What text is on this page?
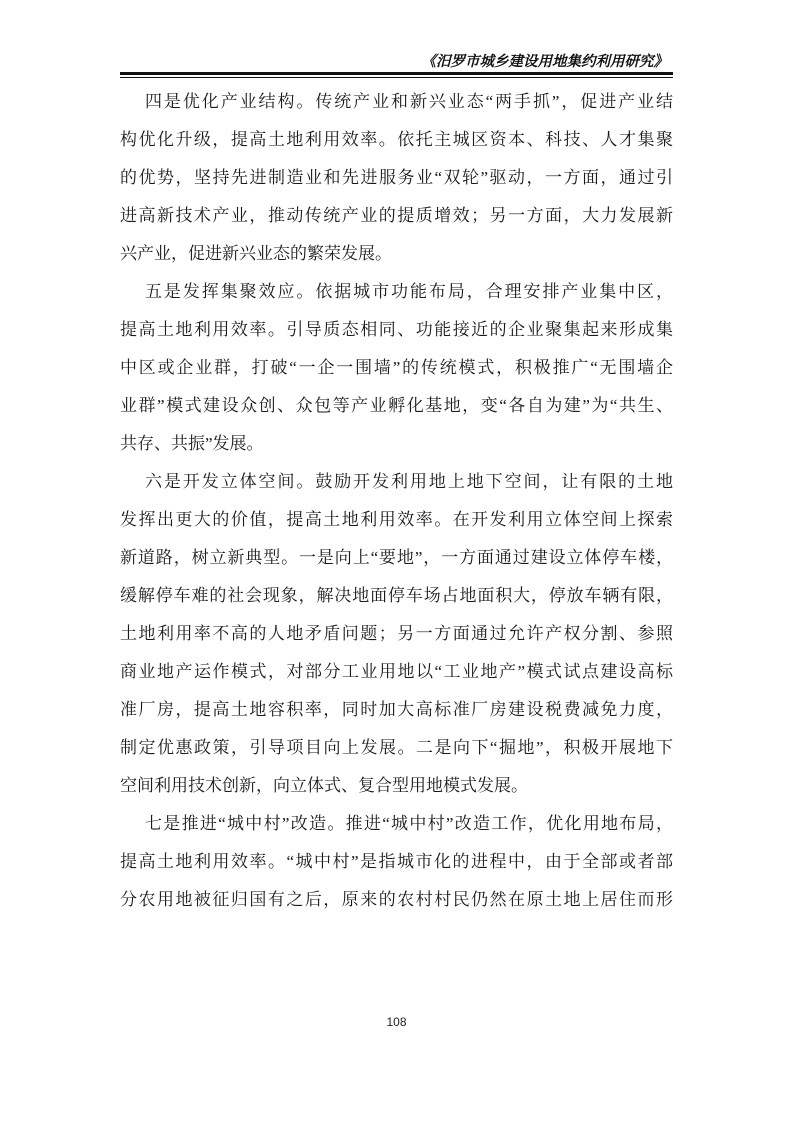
《汨罗市城乡建设用地集约利用研究》
四是优化产业结构。传统产业和新兴业态“两手抓”，促进产业结
构优化升级，提高土地利用效率。依托主城区资本、科技、人才集聚
的优势，坚持先进制造业和先进服务业“双轮”驱动，一方面，通过引
进高新技术产业，推动传统产业的提质增效；另一方面，大力发展新
兴产业，促进新兴业态的繁荣发展。
五是发挥集聚效应。依据城市功能布局，合理安排产业集中区，
提高土地利用效率。引导质态相同、功能接近的企业聚集起来形成集
中区或企业群，打破“一企一围墙”的传统模式，积极推广“无围墙企
业群”模式建设众创、众包等产业孵化基地，变“各自为建”为“共生、
共存、共振”发展。
六是开发立体空间。鼓励开发利用地上地下空间，让有限的土地
发挥出更大的价值，提高土地利用效率。在开发利用立体空间上探索
新道路，树立新典型。一是向上“要地”，一方面通过建设立体停车楼，
缓解停车难的社会现象，解决地面停车场占地面积大，停放车辆有限，
土地利用率不高的人地矛盾问题；另一方面通过允许产权分割、参照
商业地产运作模式，对部分工业用地以“工业地产”模式试点建设高标
准厂房，提高土地容积率，同时加大高标准厂房建设税费减免力度，
制定优惠政策，引导项目向上发展。二是向下“掘地”，积极开展地下
空间利用技术创新，向立体式、复合型用地模式发展。
七是推进“城中村”改造。推进“城中村”改造工作，优化用地布局，
提高土地利用效率。“城中村”是指城市化的进程中，由于全部或者部
分农用地被征归国有之后，原来的农村村民仍然在原土地上居住而形
108
